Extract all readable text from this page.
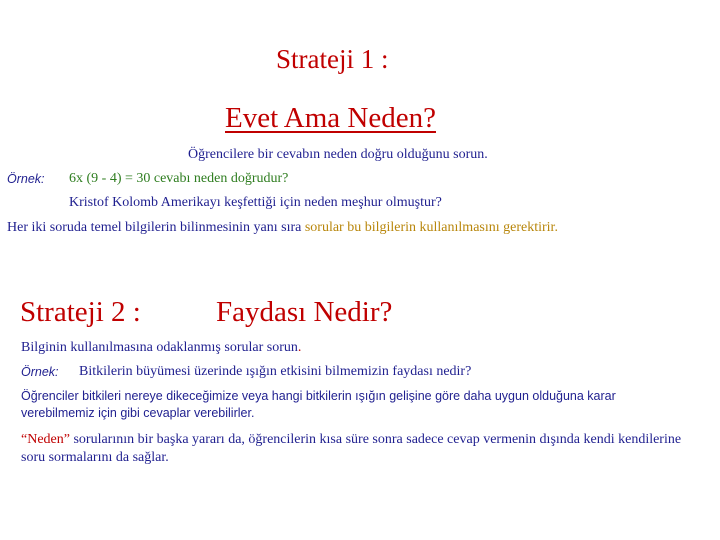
Strateji 1 :
Evet Ama Neden?
Öğrencilere bir cevabın neden doğru olduğunu sorun.
Örnek: 6x (9 - 4) = 30 cevabı neden doğrudur?
Kristof Kolomb Amerikayı keşfettiği için neden meşhur olmuştur?
Her iki soruda temel bilgilerin bilinmesinin yanı sıra sorular bu bilgilerin kullanılmasını gerektirir.
Strateji 2 :	Faydası Nedir?
Bilginin kullanılmasına odaklanmış sorular sorun.
Örnek: Bitkilerin büyümesi üzerinde ışığın etkisini bilmemizin faydası nedir?
Öğrenciler bitkileri nereye dikeceğimize veya hangi bitkilerin ışığın gelişine göre daha uygun olduğuna karar verebilmemiz için gibi cevaplar verebilirler.
“Neden” sorularının bir başka yararı da, öğrencilerin kısa süre sonra sadece cevap vermenin dışında kendi kendilerine soru sormalarını da sağlar.
